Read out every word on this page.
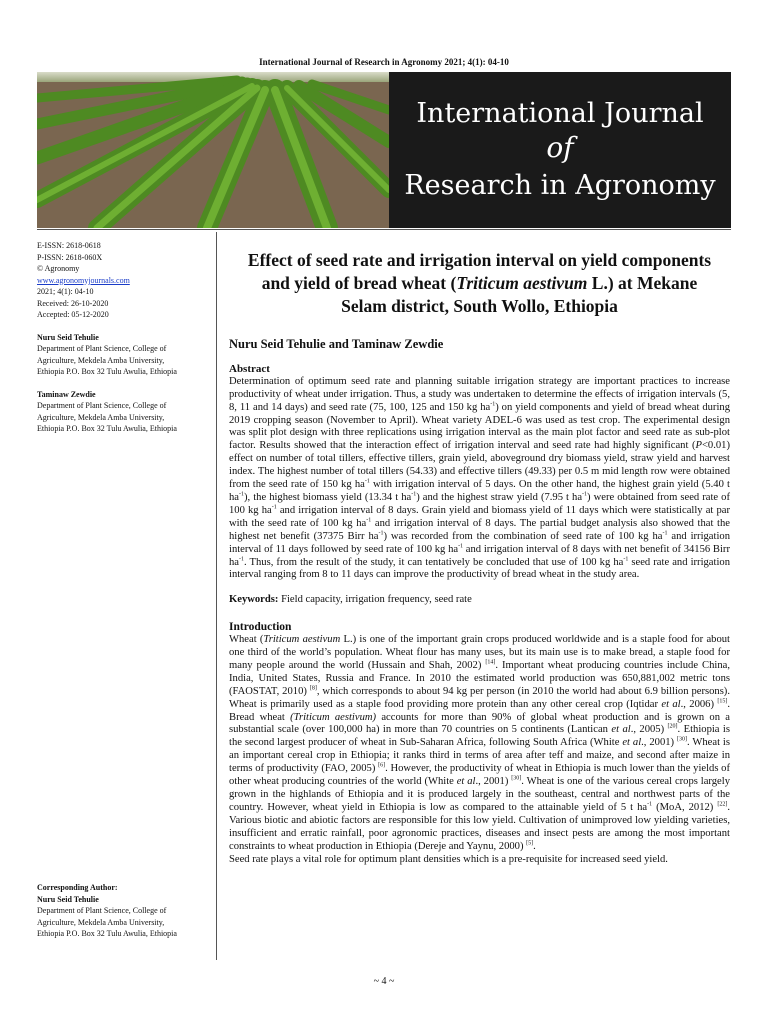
International Journal of Research in Agronomy 2021; 4(1): 04-10
International Journal
of
Research in Agronomy
E-ISSN: 2618-0618
P-ISSN: 2618-060X
© Agronomy
www.agronomyjournals.com
2021; 4(1): 04-10
Received: 26-10-2020
Accepted: 05-12-2020
Nuru Seid Tehulie
Department of Plant Science, College of Agriculture, Mekdela Amba University, Ethiopia P.O. Box 32 Tulu Awulia, Ethiopia
Taminaw Zewdie
Department of Plant Science, College of Agriculture, Mekdela Amba University, Ethiopia P.O. Box 32 Tulu Awulia, Ethiopia
Corresponding Author:
Nuru Seid Tehulie
Department of Plant Science, College of Agriculture, Mekdela Amba University, Ethiopia P.O. Box 32 Tulu Awulia, Ethiopia
Effect of seed rate and irrigation interval on yield components and yield of bread wheat (Triticum aestivum L.) at Mekane Selam district, South Wollo, Ethiopia
Nuru Seid Tehulie and Taminaw Zewdie
Abstract
Determination of optimum seed rate and planning suitable irrigation strategy are important practices to increase productivity of wheat under irrigation. Thus, a study was undertaken to determine the effects of irrigation intervals (5, 8, 11 and 14 days) and seed rate (75, 100, 125 and 150 kg $ha^{-1}$) on yield components and yield of bread wheat during 2019 cropping season (November to April). Wheat variety ADEL-6 was used as test crop. The experimental design was split plot design with three replications using irrigation interval as the main plot factor and seed rate as sub-plot factor. Results showed that the interaction effect of irrigation interval and seed rate had highly significant (P<0.01) effect on number of total tillers, effective tillers, grain yield, aboveground dry biomass yield, straw yield and harvest index. The highest number of total tillers (54.33) and effective tillers (49.33) per 0.5 m mid length row were obtained from the seed rate of 150 kg $ha^{-1}$ with irrigation interval of 5 days. On the other hand, the highest grain yield (5.40 t $ha^{-1}$), the highest biomass yield (13.34 t $ha^{-1}$) and the highest straw yield (7.95 t $ha^{-1}$) were obtained from seed rate of 100 kg $ha^{-1}$ and irrigation interval of 8 days. Grain yield and biomass yield of 11 days which were statistically at par with the seed rate of 100 kg $ha^{-1}$ and irrigation interval of 8 days. The partial budget analysis also showed that the highest net benefit (37375 Birr $ha^{-1}$) was recorded from the combination of seed rate of 100 kg $ha^{-1}$ and irrigation interval of 11 days followed by seed rate of 100 kg $ha^{-1}$ and irrigation interval of 8 days with net benefit of 34156 Birr $ha^{-1}$. Thus, from the result of the study, it can tentatively be concluded that use of 100 kg $ha^{-1}$ seed rate and irrigation interval ranging from 8 to 11 days can improve the productivity of bread wheat in the study area.
Keywords: Field capacity, irrigation frequency, seed rate
Introduction

Wheat (Triticum aestivum L.) is one of the important grain crops produced worldwide and is a staple food for about one third of the world’s population. Wheat flour has many uses, but its main use is to make bread, a staple food for many people around the world (Hussain and Shah, 2002) [14]. Important wheat producing countries include China, India, United States, Russia and France. In 2010 the estimated world production was 650,881,002 metric tons (FAOSTAT, 2010) [8], which corresponds to about 94 kg per person (in 2010 the world had about 6.9 billion persons). Wheat is primarily used as a staple food providing more protein than any other cereal crop (Iqtidar et al., 2006) [15]. Bread wheat (Triticum aestivum) accounts for more than 90% of global wheat production and is grown on a substantial scale (over 100,000 ha) in more than 70 countries on 5 continents (Lantican et al., 2005) [20]. Ethiopia is the second largest producer of wheat in Sub-Saharan Africa, following South Africa (White et al., 2001) [30]. Wheat is an important cereal crop in Ethiopia; it ranks third in terms of area after teff and maize, and second after maize in terms of productivity (FAO, 2005) [6]. However, the productivity of wheat in Ethiopia is much lower than the yields of other wheat producing countries of the world (White et al., 2001) [30]. Wheat is one of the various cereal crops largely grown in the highlands of Ethiopia and it is produced largely in the southeast, central and northwest parts of the country. However, wheat yield in Ethiopia is low as compared to the attainable yield of 5 t $ha^{-1}$ (MoA, 2012) [22]. Various biotic and abiotic factors are responsible for this low yield. Cultivation of unimproved low yielding varieties, insufficient and erratic rainfall, poor agronomic practices, diseases and insect pests are among the most important constraints to wheat production in Ethiopia (Dereje and Yaynu, 2000) [5].

Seed rate plays a vital role for optimum plant densities which is a pre-requisite for increased seed yield.

~ 4 ~
